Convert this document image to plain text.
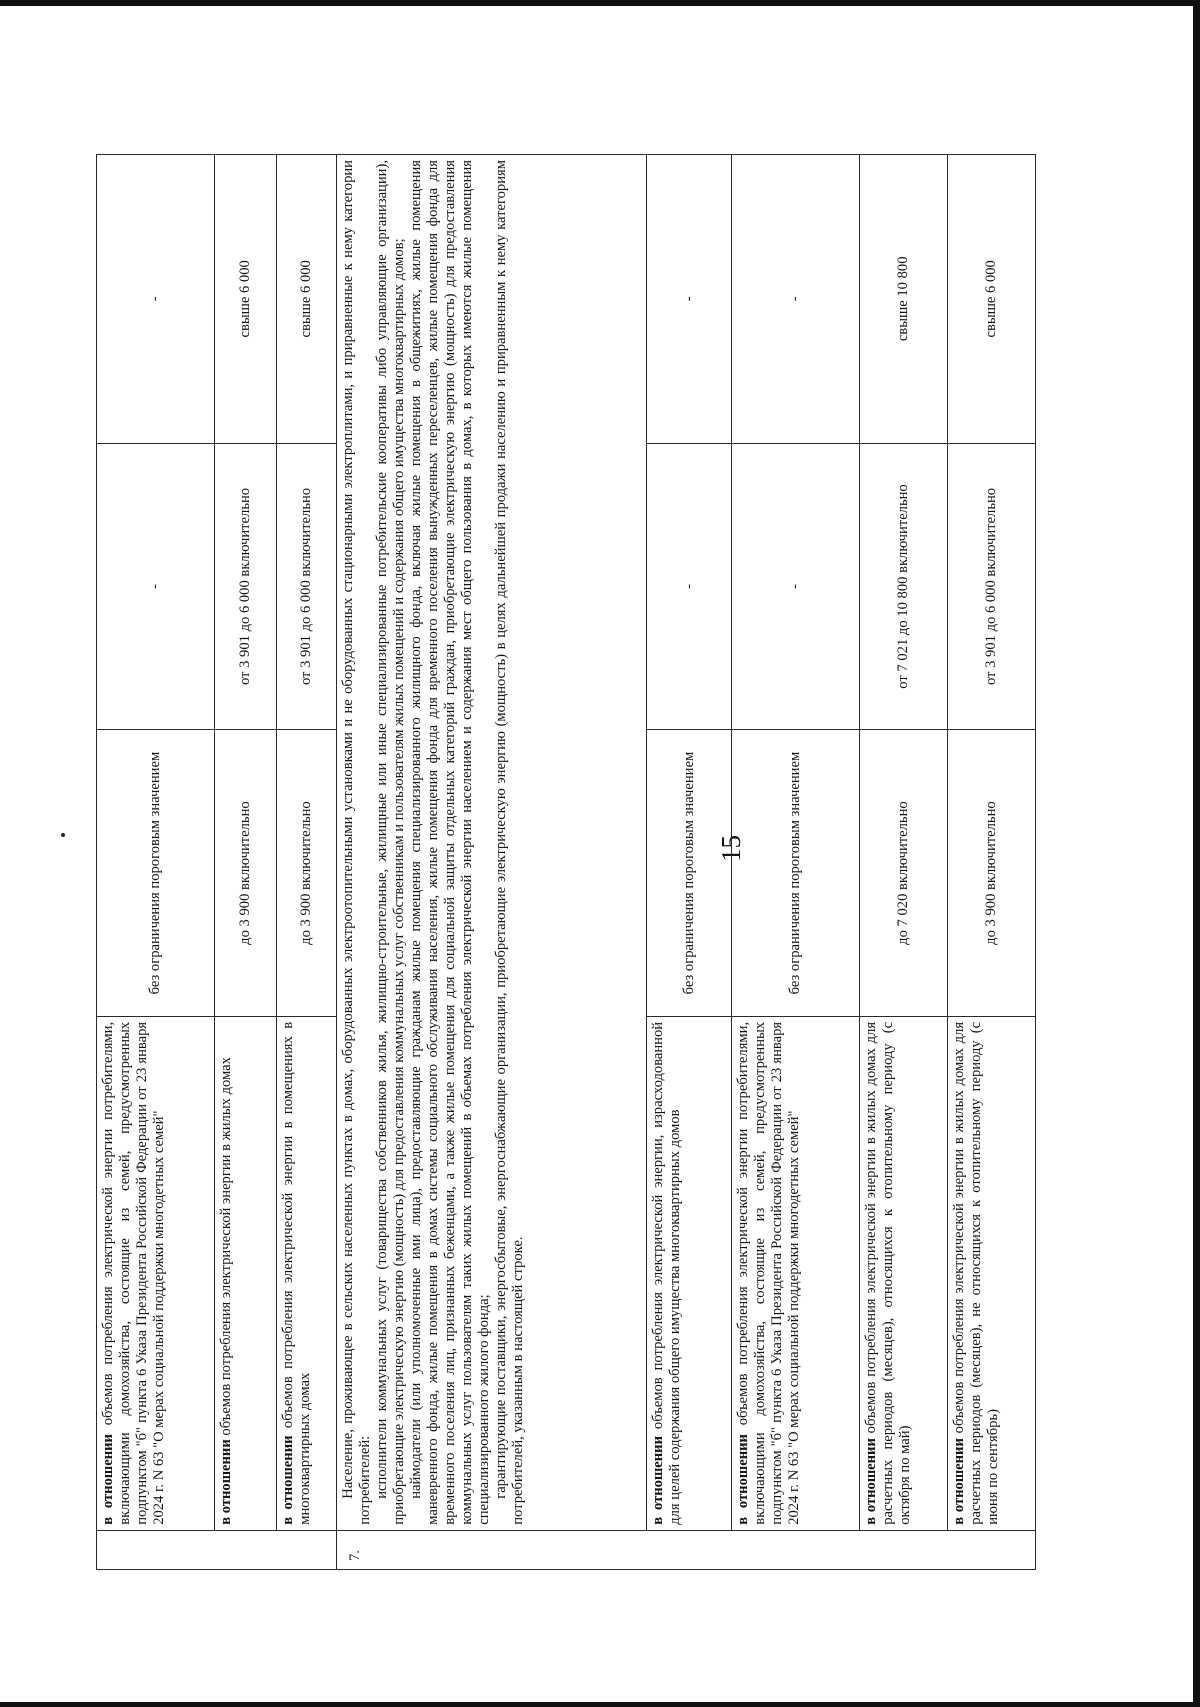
15
	в отношении объемов потребления электрической энергии потребителями, включающими домохозяйства, состоящие из семей, предусмотренных подпунктом "б" пункта 6 Указа Президента Российской Федерации от 23 января 2024 г. N 63 "О мерах социальной поддержки многодетных семей"	без ограничения пороговым значением	-	-
	в отношении объемов потребления электрической энергии в жилых домах	до 3 900 включительно	от 3 901 до 6 000 включительно	свыше 6 000
	в отношении объемов потребления электрической энергии в помещениях в многоквартирных домах	до 3 900 включительно	от 3 901 до 6 000 включительно	свыше 6 000
7.	Население, проживающее в сельских населенных пунктах в домах, оборудованных электроотопительными установками и не оборудованных стационарными электроплитами, и приравненные к нему категории потребителей: исполнители коммунальных услуг (товарищества собственников жилья, жилищно-строительные, жилищные или иные специализированные потребительские кооперативы либо управляющие организации), приобретающие электрическую энергию (мощность) для предоставления коммунальных услуг собственникам и пользователям жилых помещений и содержания общего имущества многоквартирных домов; наймодатели (или уполномоченные ими лица), предоставляющие гражданам жилые помещения специализированного жилищного фонда, включая жилые помещения в общежитиях, жилые помещения маневренного фонда, жилые помещения в домах системы социального обслуживания населения, жилые помещения фонда для временного поселения вынужденных переселенцев, жилые помещения фонда для временного поселения лиц, признанных беженцами, а также жилые помещения для социальной защиты отдельных категорий граждан, приобретающие электрическую энергию (мощность) для предоставления коммунальных услуг пользователям таких жилых помещений в объемах потребления электрической энергии населением и содержания мест общего пользования в домах, в которых имеются жилые помещения специализированного жилого фонда; гарантирующие поставщики, энергосбытовые, энергоснабжающие организации, приобретающие электрическую энергию (мощность) в целях дальнейшей продажи населению и приравненным к нему категориям потребителей, указанным в настоящей строке.			

	в отношении объемов потребления электрической энергии, израсходованной для целей содержания общего имущества многоквартирных домов	без ограничения пороговым значением	-	-
	в отношении объемов потребления электрической энергии потребителями, включающими домохозяйства, состоящие из семей, предусмотренных подпунктом "б" пункта 6 Указа Президента Российской Федерации от 23 января 2024 г. N 63 "О мерах социальной поддержки многодетных семей"	без ограничения пороговым значением	-	-
	в отношении объемов потребления электрической энергии в жилых домах для расчетных периодов (месяцев), относящихся к отопительному периоду (с октября по май)	до 7 020 включительно	от 7 021 до 10 800 включительно	свыше 10 800
	в отношении объемов потребления электрической энергии в жилых домах для расчетных периодов (месяцев), не относящихся к отопительному периоду (с июня по сентябрь)	до 3 900 включительно	от 3 901 до 6 000 включительно	свыше 6 000
